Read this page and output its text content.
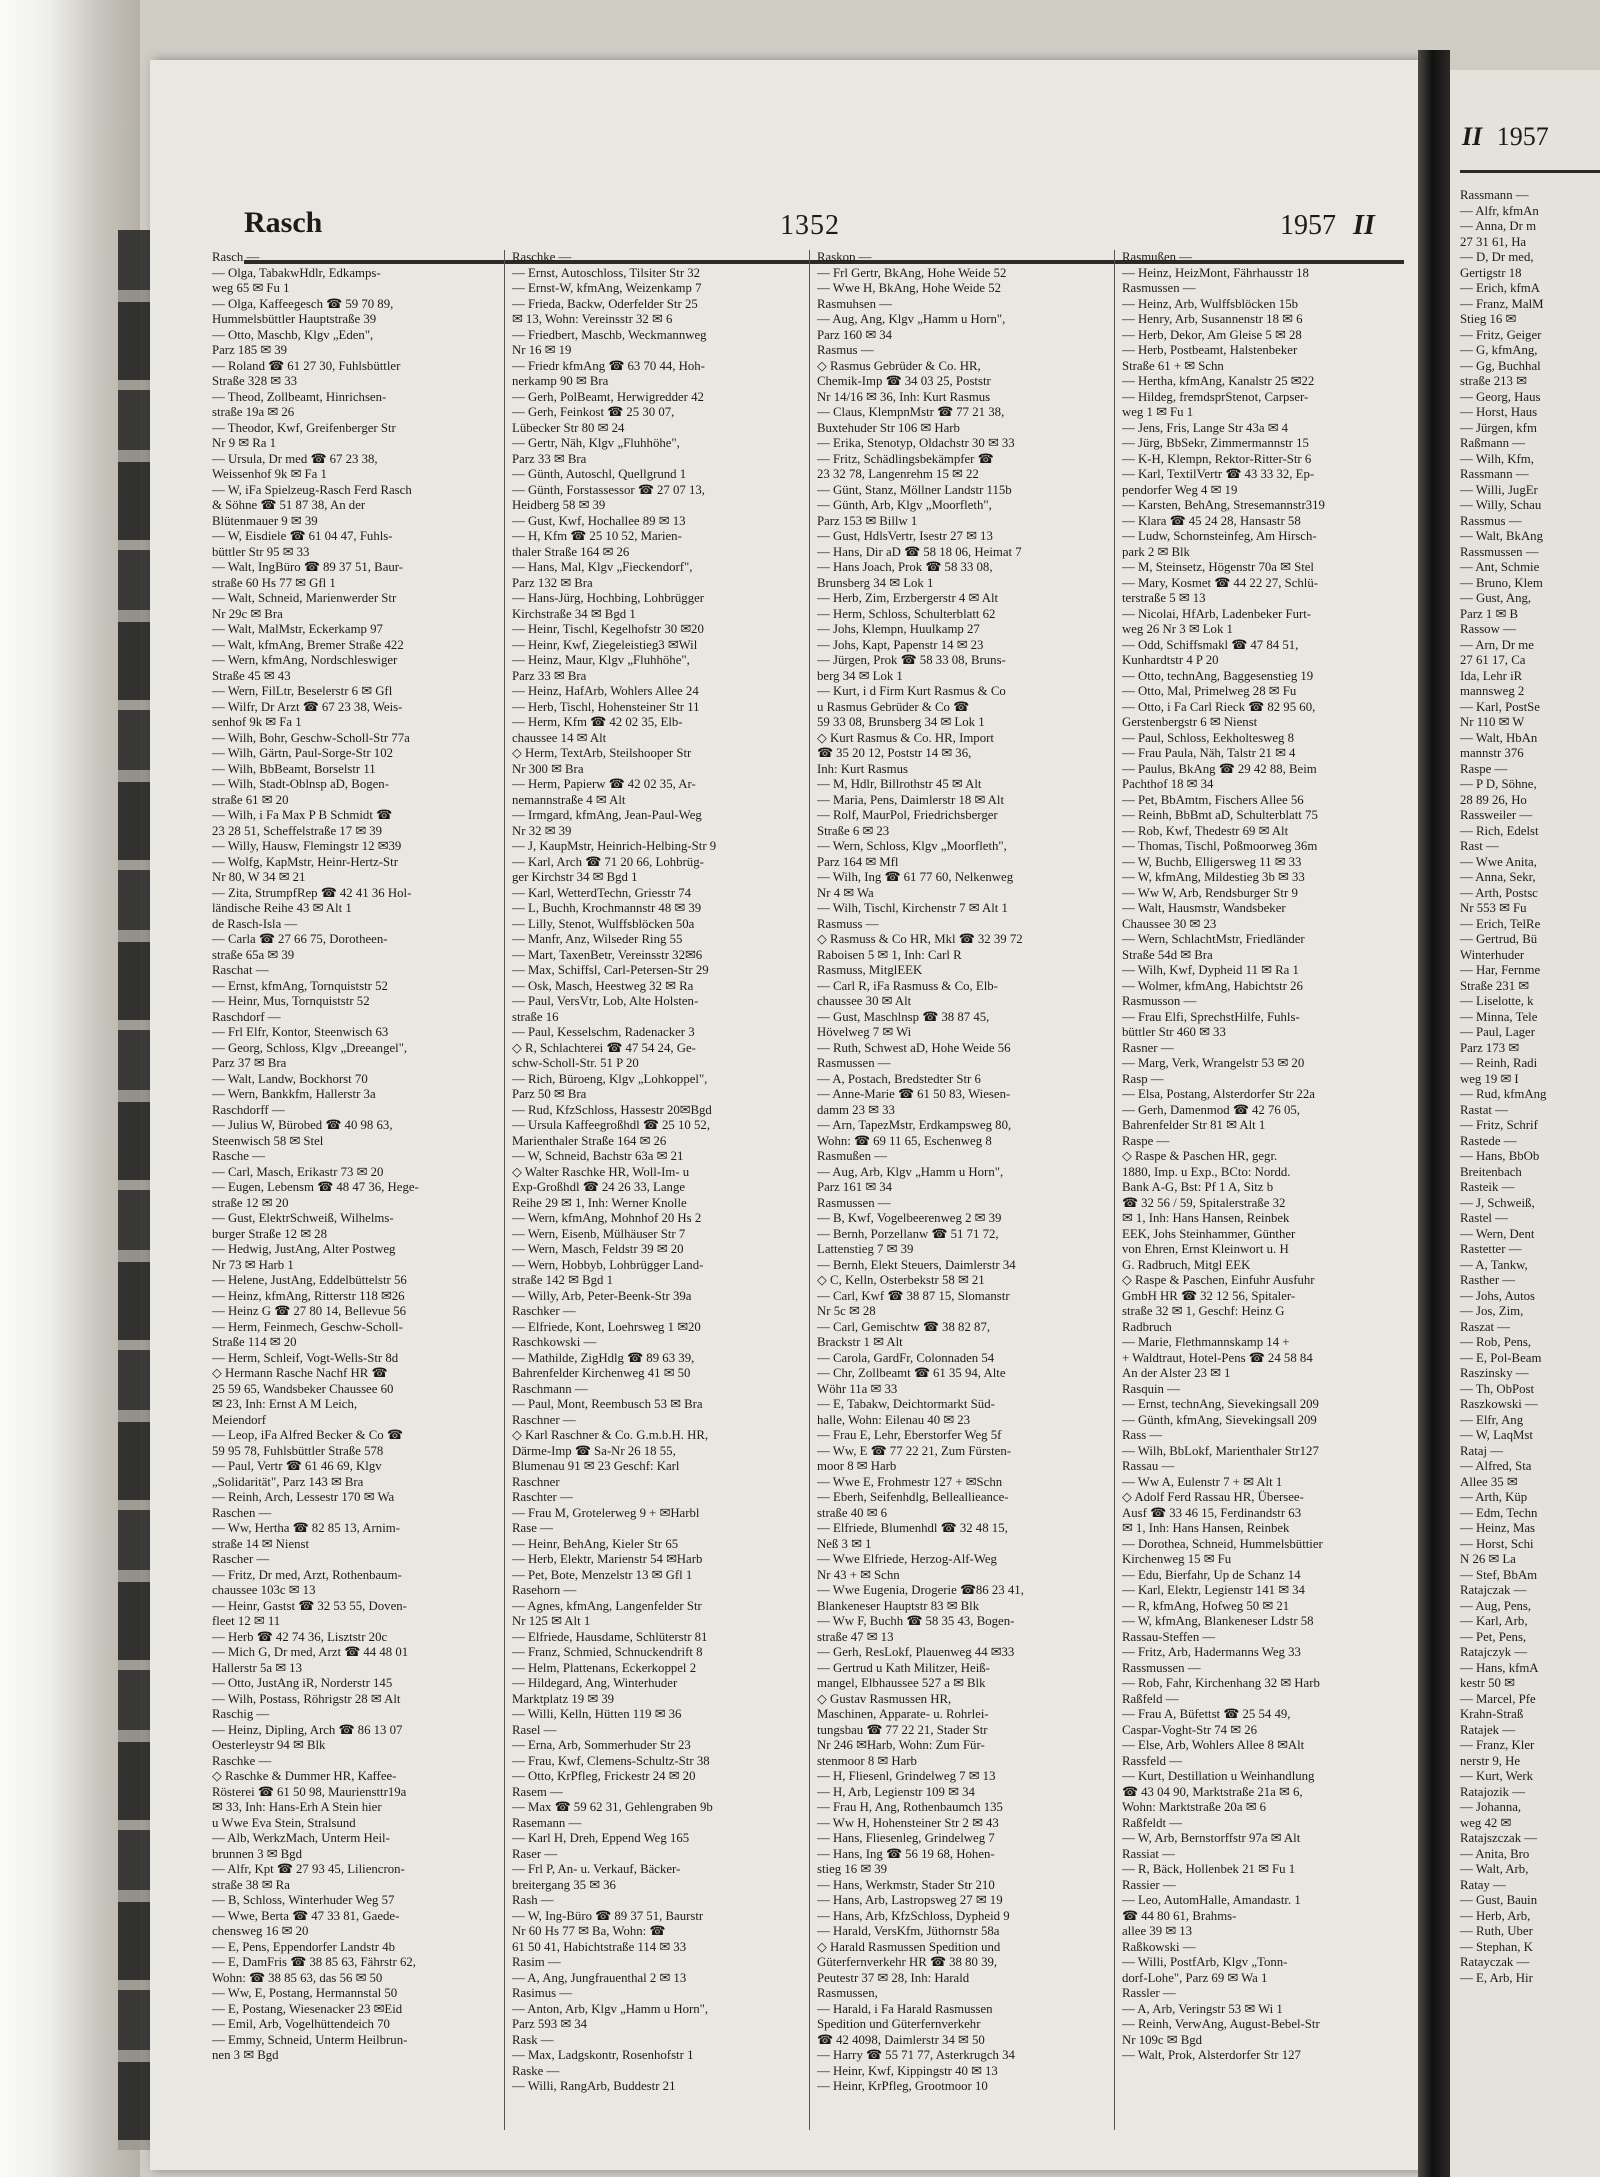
Rasch	1352	1957 II
Rasch —
— Olga, TabakwHdlr, Edkamps-
weg 65 ✉ Fu 1
— Olga, Kaffeegesch ☎ 59 70 89,
Hummelsbüttler Hauptstraße 39
— Otto, Maschb, Klgv „Eden",
Parz 185 ✉ 39
— Roland ☎ 61 27 30, Fuhlsbüttler
Straße 328 ✉ 33
— Theod, Zollbeamt, Hinrichsen-
straße 19a ✉ 26
— Theodor, Kwf, Greifenberger Str
Nr 9 ✉ Ra 1
— Ursula, Dr med ☎ 67 23 38,
Weissenhof 9k ✉ Fa 1
— W, iFa Spielzeug-Rasch Ferd Rasch
& Söhne ☎ 51 87 38, An der
Blütenmauer 9 ✉ 39
— W, Eisdiele ☎ 61 04 47, Fuhls-
büttler Str 95 ✉ 33
— Walt, IngBüro ☎ 89 37 51, Baur-
straße 60 Hs 77 ✉ Gfl 1
— Walt, Schneid, Marienwerder Str
Nr 29c ✉ Bra
— Walt, MalMstr, Eckerkamp 97
— Walt, kfmAng, Bremer Straße 422
— Wern, kfmAng, Nordschleswiger
Straße 45 ✉ 43
— Wern, FilLtr, Beselerstr 6 ✉ Gfl
— Wilfr, Dr Arzt ☎ 67 23 38, Weis-
senhof 9k ✉ Fa 1
— Wilh, Bohr, Geschw-Scholl-Str 77a
— Wilh, Gärtn, Paul-Sorge-Str 102
— Wilh, BbBeamt, Borselstr 11
— Wilh, Stadt-Oblnsp aD, Bogen-
straße 61 ✉ 20
— Wilh, i Fa Max P B Schmidt ☎
23 28 51, Scheffelstraße 17 ✉ 39
— Willy, Hausw, Flemingstr 12 ✉39
— Wolfg, KapMstr, Heinr-Hertz-Str
Nr 80, W 34 ✉ 21
— Zita, StrumpfRep ☎ 42 41 36 Hol-
ländische Reihe 43 ✉ Alt 1
de Rasch-Isla —
— Carla ☎ 27 66 75, Dorotheen-
straße 65a ✉ 39
Raschat —
— Ernst, kfmAng, Tornquiststr 52
— Heinr, Mus, Tornquiststr 52
Raschdorf —
— Frl Elfr, Kontor, Steenwisch 63
— Georg, Schloss, Klgv „Dreeangel",
Parz 37 ✉ Bra
— Walt, Landw, Bockhorst 70
— Wern, Bankkfm, Hallerstr 3a
Raschdorff —
— Julius W, Bürobed ☎ 40 98 63,
Steenwisch 58 ✉ Stel
Rasche —
— Carl, Masch, Erikastr 73 ✉ 20
— Eugen, Lebensm ☎ 48 47 36, Hege-
straße 12 ✉ 20
— Gust, ElektrSchweiß, Wilhelms-
burger Straße 12 ✉ 28
— Hedwig, JustAng, Alter Postweg
Nr 73 ✉ Harb 1
— Helene, JustAng, Eddelbüttelstr 56
— Heinz, kfmAng, Ritterstr 118 ✉26
— Heinz G ☎ 27 80 14, Bellevue 56
— Herm, Feinmech, Geschw-Scholl-
Straße 114 ✉ 20
— Herm, Schleif, Vogt-Wells-Str 8d
◇ Hermann Rasche Nachf HR ☎
25 59 65, Wandsbeker Chaussee 60
✉ 23, Inh: Ernst A M Leich,
Meiendorf
— Leop, iFa Alfred Becker & Co ☎
59 95 78, Fuhlsbüttler Straße 578
— Paul, Vertr ☎ 61 46 69, Klgv
„Solidarität", Parz 143 ✉ Bra
— Reinh, Arch, Lessestr 170 ✉ Wa
Raschen —
— Ww, Hertha ☎ 82 85 13, Arnim-
straße 14 ✉ Nienst
Rascher —
— Fritz, Dr med, Arzt, Rothenbaum-
chaussee 103c ✉ 13
— Heinr, Gastst ☎ 32 53 55, Doven-
fleet 12 ✉ 11
— Herb ☎ 42 74 36, Lisztstr 20c
— Mich G, Dr med, Arzt ☎ 44 48 01
Hallerstr 5a ✉ 13
— Otto, JustAng iR, Norderstr 145
— Wilh, Postass, Röhrigstr 28 ✉ Alt
Raschig —
— Heinz, Dipling, Arch ☎ 86 13 07
Oesterleystr 94 ✉ Blk
Raschke —
◇ Raschke & Dummer HR, Kaffee-
Rösterei ☎ 61 50 98, Mauriensttr19a
✉ 33, Inh: Hans-Erh A Stein hier
u Wwe Eva Stein, Stralsund
— Alb, WerkzMach, Unterm Heil-
brunnen 3 ✉ Bgd
— Alfr, Kpt ☎ 27 93 45, Liliencron-
straße 38 ✉ Ra
— B, Schloss, Winterhuder Weg 57
— Wwe, Berta ☎ 47 33 81, Gaede-
chensweg 16 ✉ 20
— E, Pens, Eppendorfer Landstr 4b
— E, DamFris ☎ 38 85 63, Fährstr 62,
Wohn: ☎ 38 85 63, das 56 ✉ 50
— Ww, E, Postang, Hermannstal 50
— E, Postang, Wiesenacker 23 ✉Eid
— Emil, Arb, Vogelhüttendeich 70
— Emmy, Schneid, Unterm Heilbrun-
nen 3 ✉ Bgd
Raschke —
— Ernst, Autoschloss, Tilsiter Str 32
— Ernst-W, kfmAng, Weizenkamp 7
— Frieda, Backw, Oderfelder Str 25
✉ 13, Wohn: Vereinsstr 32 ✉ 6
— Friedbert, Maschb, Weckmannweg
Nr 16 ✉ 19
— Friedr kfmAng ☎ 63 70 44, Hoh-
nerkamp 90 ✉ Bra
— Gerh, PolBeamt, Herwigredder 42
— Gerh, Feinkost ☎ 25 30 07,
Lübecker Str 80 ✉ 24
— Gertr, Näh, Klgv „Fluhhöhe",
Parz 33 ✉ Bra
— Günth, Autoschl, Quellgrund 1
— Günth, Forstassessor ☎ 27 07 13,
Heidberg 58 ✉ 39
— Gust, Kwf, Hochallee 89 ✉ 13
— H, Kfm ☎ 25 10 52, Marien-
thaler Straße 164 ✉ 26
— Hans, Mal, Klgv „Fieckendorf",
Parz 132 ✉ Bra
— Hans-Jürg, Hochbing, Lohbrügger
Kirchstraße 34 ✉ Bgd 1
— Heinr, Tischl, Kegelhofstr 30 ✉20
— Heinr, Kwf, Ziegeleistieg3 ✉Wil
— Heinz, Maur, Klgv „Fluhhöhe",
Parz 33 ✉ Bra
— Heinz, HafArb, Wohlers Allee 24
— Herb, Tischl, Hohensteiner Str 11
— Herm, Kfm ☎ 42 02 35, Elb-
chaussee 14 ✉ Alt
◇ Herm, TextArb, Steilshooper Str
Nr 300 ✉ Bra
— Herm, Papierw ☎ 42 02 35, Ar-
nemannstraße 4 ✉ Alt
— Irmgard, kfmAng, Jean-Paul-Weg
Nr 32 ✉ 39
— J, KaupMstr, Heinrich-Helbing-Str 9
— Karl, Arch ☎ 71 20 66, Lohbrüg-
ger Kirchstr 34 ✉ Bgd 1
— Karl, WetterdTechn, Griesstr 74
— L, Buchh, Krochmannstr 48 ✉ 39
— Lilly, Stenot, Wulffsblöcken 50a
— Manfr, Anz, Wilseder Ring 55
— Mart, TaxenBetr, Vereinsstr 32✉6
— Max, Schiffsl, Carl-Petersen-Str 29
— Osk, Masch, Heestweg 32 ✉ Ra
— Paul, VersVtr, Lob, Alte Holsten-
straße 16
— Paul, Kesselschm, Radenacker 3
◇ R, Schlachterei ☎ 47 54 24, Ge-
schw-Scholl-Str. 51 P 20
— Rich, Büroeng, Klgv „Lohkoppel",
Parz 50 ✉ Bra
— Rud, KfzSchloss, Hassestr 20✉Bgd
— Ursula Kaffeegroßhdl ☎ 25 10 52,
Marienthaler Straße 164 ✉ 26
— W, Schneid, Bachstr 63a ✉ 21
◇ Walter Raschke HR, Woll-Im- u
Exp-Großhdl ☎ 24 26 33, Lange
Reihe 29 ✉ 1, Inh: Werner Knolle
— Wern, kfmAng, Mohnhof 20 Hs 2
— Wern, Eisenb, Mülhäuser Str 7
— Wern, Masch, Feldstr 39 ✉ 20
— Wern, Hobbyb, Lohbrügger Land-
straße 142 ✉ Bgd 1
— Willy, Arb, Peter-Beenk-Str 39a
Raschker —
— Elfriede, Kont, Loehrsweg 1 ✉20
Raschkowski —
— Mathilde, ZigHdlg ☎ 89 63 39,
Bahrenfelder Kirchenweg 41 ✉ 50
Raschmann —
— Paul, Mont, Reembusch 53 ✉ Bra
Raschner —
◇ Karl Raschner & Co. G.m.b.H. HR,
Därme-Imp ☎ Sa-Nr 26 18 55,
Blumenau 91 ✉ 23 Geschf: Karl
Raschner
Raschter —
— Frau M, Grotelerweg 9 + ✉Harbl
Rase —
— Heinr, BehAng, Kieler Str 65
— Herb, Elektr, Marienstr 54 ✉Harb
— Pet, Bote, Menzelstr 13 ✉ Gfl 1
Rasehorn —
— Agnes, kfmAng, Langenfelder Str
Nr 125 ✉ Alt 1
— Elfriede, Hausdame, Schlüterstr 81
— Franz, Schmied, Schnuckendrift 8
— Helm, Plattenans, Eckerkoppel 2
— Hildegard, Ang, Winterhuder
Marktplatz 19 ✉ 39
— Willi, Kelln, Hütten 119 ✉ 36
Rasel —
— Erna, Arb, Sommerhuder Str 23
— Frau, Kwf, Clemens-Schultz-Str 38
— Otto, KrPfleg, Frickestr 24 ✉ 20
Rasem —
— Max ☎ 59 62 31, Gehlengraben 9b
Rasemann —
— Karl H, Dreh, Eppend Weg 165
Raser —
— Frl P, An- u. Verkauf, Bäcker-
breitergang 35 ✉ 36
Rash —
— W, Ing-Büro ☎ 89 37 51, Baurstr
Nr 60 Hs 77 ✉ Ba, Wohn: ☎
61 50 41, Habichtstraße 114 ✉ 33
Rasim —
— A, Ang, Jungfrauenthal 2 ✉ 13
Rasimus —
— Anton, Arb, Klgv „Hamm u Horn",
Parz 593 ✉ 34
Rask —
— Max, Ladgskontr, Rosenhofstr 1
Raske —
— Willi, RangArb, Buddestr 21
Raskop —
— Frl Gertr, BkAng, Hohe Weide 52
— Wwe H, BkAng, Hohe Weide 52
Rasmuhsen —
— Aug, Ang, Klgv „Hamm u Horn",
Parz 160 ✉ 34
Rasmus —
◇ Rasmus Gebrüder & Co. HR,
Chemik-Imp ☎ 34 03 25, Poststr
Nr 14/16 ✉ 36, Inh: Kurt Rasmus
— Claus, KlempnMstr ☎ 77 21 38,
Buxtehuder Str 106 ✉ Harb
— Erika, Stenotyp, Oldachstr 30 ✉ 33
— Fritz, Schädlingsbekämpfer ☎
23 32 78, Langenrehm 15 ✉ 22
— Günt, Stanz, Möllner Landstr 115b
— Günth, Arb, Klgv „Moorfleth",
Parz 153 ✉ Billw 1
— Gust, HdlsVertr, Isestr 27 ✉ 13
— Hans, Dir aD ☎ 58 18 06, Heimat 7
— Hans Joach, Prok ☎ 58 33 08,
Brunsberg 34 ✉ Lok 1
— Herb, Zim, Erzbergerstr 4 ✉ Alt
— Herm, Schloss, Schulterblatt 62
— Johs, Klempn, Huulkamp 27
— Johs, Kapt, Papenstr 14 ✉ 23
— Jürgen, Prok ☎ 58 33 08, Bruns-
berg 34 ✉ Lok 1
— Kurt, i d Firm Kurt Rasmus & Co
u Rasmus Gebrüder & Co ☎
59 33 08, Brunsberg 34 ✉ Lok 1
◇ Kurt Rasmus & Co. HR, Import
☎ 35 20 12, Poststr 14 ✉ 36,
Inh: Kurt Rasmus
— M, Hdlr, Billrothstr 45 ✉ Alt
— Maria, Pens, Daimlerstr 18 ✉ Alt
— Rolf, MaurPol, Friedrichsberger
Straße 6 ✉ 23
— Wern, Schloss, Klgv „Moorfleth",
Parz 164 ✉ Mfl
— Wilh, Ing ☎ 61 77 60, Nelkenweg
Nr 4 ✉ Wa
— Wilh, Tischl, Kirchenstr 7 ✉ Alt 1
Rasmuss —
◇ Rasmuss & Co HR, Mkl ☎ 32 39 72
Raboisen 5 ✉ 1, Inh: Carl R
Rasmuss, MitglEEK
— Carl R, iFa Rasmuss & Co, Elb-
chaussee 30 ✉ Alt
— Gust, Maschlnsp ☎ 38 87 45,
Hövelweg 7 ✉ Wi
— Ruth, Schwest aD, Hohe Weide 56
Rasmussen —
— A, Postach, Bredstedter Str 6
— Anne-Marie ☎ 61 50 83, Wiesen-
damm 23 ✉ 33
— Arn, TapezMstr, Erdkampsweg 80,
Wohn: ☎ 69 11 65, Eschenweg 8
Rasmußen —
— Aug, Arb, Klgv „Hamm u Horn",
Parz 161 ✉ 34
Rasmussen —
— B, Kwf, Vogelbeerenweg 2 ✉ 39
— Bernh, Porzellanw ☎ 51 71 72,
Lattenstieg 7 ✉ 39
— Bernh, Elekt Steuers, Daimlerstr 34
◇ C, Kelln, Osterbekstr 58 ✉ 21
— Carl, Kwf ☎ 38 87 15, Slomanstr
Nr 5c ✉ 28
— Carl, Gemischtw ☎ 38 82 87,
Brackstr 1 ✉ Alt
— Carola, GardFr, Colonnaden 54
— Chr, Zollbeamt ☎ 61 35 94, Alte
Wöhr 11a ✉ 33
— E, Tabakw, Deichtormarkt Süd-
halle, Wohn: Eilenau 40 ✉ 23
— Frau E, Lehr, Eberstorfer Weg 5f
— Ww, E ☎ 77 22 21, Zum Fürsten-
moor 8 ✉ Harb
— Wwe E, Frohmestr 127 + ✉Schn
— Eberh, Seifenhdlg, Belleallieance-
straße 40 ✉ 6
— Elfriede, Blumenhdl ☎ 32 48 15,
Neß 3 ✉ 1
— Wwe Elfriede, Herzog-Alf-Weg
Nr 43 + ✉ Schn
— Wwe Eugenia, Drogerie ☎86 23 41,
Blankeneser Hauptstr 83 ✉ Blk
— Ww F, Buchh ☎ 58 35 43, Bogen-
straße 47 ✉ 13
— Gerh, ResLokf, Plauenweg 44 ✉33
— Gertrud u Kath Militzer, Heiß-
mangel, Elbhaussee 527 a ✉ Blk
◇ Gustav Rasmussen HR,
Maschinen, Apparate- u. Rohrlei-
tungsbau ☎ 77 22 21, Stader Str
Nr 246 ✉Harb, Wohn: Zum Für-
stenmoor 8 ✉ Harb
— H, Fliesenl, Grindelweg 7 ✉ 13
— H, Arb, Legienstr 109 ✉ 34
— Frau H, Ang, Rothenbaumch 135
— Ww H, Hohensteiner Str 2 ✉ 43
— Hans, Fliesenleg, Grindelweg 7
— Hans, Ing ☎ 56 19 68, Hohen-
stieg 16 ✉ 39
— Hans, Werkmstr, Stader Str 210
— Hans, Arb, Lastropsweg 27 ✉ 19
— Hans, Arb, KfzSchloss, Dypheid 9
— Harald, VersKfm, Jüthornstr 58a
◇ Harald Rasmussen Spedition und
Güterfernverkehr HR ☎ 38 80 39,
Peutestr 37 ✉ 28, Inh: Harald
Rasmussen,
— Harald, i Fa Harald Rasmussen
Spedition und Güterfernverkehr
☎ 42 4098, Daimlerstr 34 ✉ 50
— Harry ☎ 55 71 77, Asterkrugch 34
— Heinr, Kwf, Kippingstr 40 ✉ 13
— Heinr, KrPfleg, Grootmoor 10
Rasmußen —
— Heinz, HeizMont, Fährhausstr 18
Rasmussen —
— Heinz, Arb, Wulffsblöcken 15b
— Henry, Arb, Susannenstr 18 ✉ 6
— Herb, Dekor, Am Gleise 5 ✉ 28
— Herb, Postbeamt, Halstenbeker
Straße 61 + ✉ Schn
— Hertha, kfmAng, Kanalstr 25 ✉22
— Hildeg, fremdsprStenot, Carpser-
weg 1 ✉ Fu 1
— Jens, Fris, Lange Str 43a ✉ 4
— Jürg, BbSekr, Zimmermannstr 15
— K-H, Klempn, Rektor-Ritter-Str 6
— Karl, TextilVertr ☎ 43 33 32, Ep-
pendorfer Weg 4 ✉ 19
— Karsten, BehAng, Stresemannstr319
— Klara ☎ 45 24 28, Hansastr 58
— Ludw, Schornsteinfeg, Am Hirsch-
park 2 ✉ Blk
— M, Steinsetz, Högenstr 70a ✉ Stel
— Mary, Kosmet ☎ 44 22 27, Schlü-
terstraße 5 ✉ 13
— Nicolai, HfArb, Ladenbeker Furt-
weg 26 Nr 3 ✉ Lok 1
— Odd, Schiffsmakl ☎ 47 84 51,
Kunhardtstr 4 P 20
— Otto, technAng, Baggesenstieg 19
— Otto, Mal, Primelweg 28 ✉ Fu
— Otto, i Fa Carl Rieck ☎ 82 95 60,
Gerstenbergstr 6 ✉ Nienst
— Paul, Schloss, Eekholtesweg 8
— Frau Paula, Näh, Talstr 21 ✉ 4
— Paulus, BkAng ☎ 29 42 88, Beim
Pachthof 18 ✉ 34
— Pet, BbAmtm, Fischers Allee 56
— Reinh, BbBmt aD, Schulterblatt 75
— Rob, Kwf, Thedestr 69 ✉ Alt
— Thomas, Tischl, Poßmoorweg 36m
— W, Buchb, Elligersweg 11 ✉ 33
— W, kfmAng, Mildestieg 3b ✉ 33
— Ww W, Arb, Rendsburger Str 9
— Walt, Hausmstr, Wandsbeker
Chaussee 30 ✉ 23
— Wern, SchlachtMstr, Friedländer
Straße 54d ✉ Bra
— Wilh, Kwf, Dypheid 11 ✉ Ra 1
— Wolmer, kfmAng, Habichtstr 26
Rasmusson —
— Frau Elfi, SprechstHilfe, Fuhls-
büttler Str 460 ✉ 33
Rasner —
— Marg, Verk, Wrangelstr 53 ✉ 20
Rasp —
— Elsa, Postang, Alsterdorfer Str 22a
— Gerh, Damenmod ☎ 42 76 05,
Bahrenfelder Str 81 ✉ Alt 1
Raspe —
◇ Raspe & Paschen HR, gegr.
1880, Imp. u Exp., BCto: Nordd.
Bank A-G, Bst: Pf 1 A, Sitz b
☎ 32 56 / 59, Spitalerstraße 32
✉ 1, Inh: Hans Hansen, Reinbek
EEK, Johs Steinhammer, Günther
von Ehren, Ernst Kleinwort u. H
G. Radbruch, Mitgl EEK
◇ Raspe & Paschen, Einfuhr Ausfuhr
GmbH HR ☎ 32 12 56, Spitaler-
straße 32 ✉ 1, Geschf: Heinz G
Radbruch
— Marie, Flethmannskamp 14 +
+ Waldtraut, Hotel-Pens ☎ 24 58 84
An der Alster 23 ✉ 1
Rasquin —
— Ernst, technAng, Sievekingsall 209
— Günth, kfmAng, Sievekingsall 209
Rass —
— Wilh, BbLokf, Marienthaler Str127
Rassau —
— Ww A, Eulenstr 7 + ✉ Alt 1
◇ Adolf Ferd Rassau HR, Übersee-
Ausf ☎ 33 46 15, Ferdinandstr 63
✉ 1, Inh: Hans Hansen, Reinbek
— Dorothea, Schneid, Hummelsbüttier
Kirchenweg 15 ✉ Fu
— Edu, Bierfahr, Up de Schanz 14
— Karl, Elektr, Legienstr 141 ✉ 34
— R, kfmAng, Hofweg 50 ✉ 21
— W, kfmAng, Blankeneser Ldstr 58
Rassau-Steffen —
— Fritz, Arb, Hadermanns Weg 33
Rassmussen —
— Rob, Fahr, Kirchenhang 32 ✉ Harb
Raßfeld —
— Frau A, Büfettst ☎ 25 54 49,
Caspar-Voght-Str 74 ✉ 26
— Else, Arb, Wohlers Allee 8 ✉Alt
Rassfeld —
— Kurt, Destillation u Weinhandlung
☎ 43 04 90, Marktstraße 21a ✉ 6,
Wohn: Marktstraße 20a ✉ 6
Raßfeldt —
— W, Arb, Bernstorffstr 97a ✉ Alt
Rassiat —
— R, Bäck, Hollenbek 21 ✉ Fu 1
Rassier —
— Leo, AutomHalle, Amandastr. 1
☎ 44 80 61, Brahms-
allee 39 ✉ 13
Raßkowski —
— Willi, PostfArb, Klgv „Tonn-
dorf-Lohe", Parz 69 ✉ Wa 1
Rassler —
— A, Arb, Veringstr 53 ✉ Wi 1
— Reinh, VerwAng, August-Bebel-Str
Nr 109c ✉ Bgd
— Walt, Prok, Alsterdorfer Str 127
II 1957
Rassmann —
— Alfr, kfmAn
— Anna, Dr m
27 31 61, Ha
— D, Dr med,
Gertigstr 18
— Erich, kfmA
— Franz, MalM
Stieg 16 ✉
— Fritz, Geiger
— G, kfmAng,
— Gg, Buchhal
straße 213 ✉
— Georg, Haus
— Horst, Haus
— Jürgen, kfm
Raßmann —
— Wilh, Kfm,
Rassmann —
— Willi, JugEr
— Willy, Schau
Rassmus —
— Walt, BkAng
Rassmussen —
— Ant, Schmie
— Bruno, Klem
— Gust, Ang,
Parz 1 ✉ B
Rassow —
— Arn, Dr me
27 61 17, Ca
Ida, Lehr iR
mannsweg 2
— Karl, PostSe
Nr 110 ✉ W
— Walt, HbAn
mannstr 376
Raspe —
— P D, Söhne,
28 89 26, Ho
Rassweiler —
— Rich, Edelst
Rast —
— Wwe Anita,
— Anna, Sekr,
— Arth, Postsc
Nr 553 ✉ Fu
— Erich, TelRe
— Gertrud, Bü
Winterhuder
— Har, Fernme
Straße 231 ✉
— Liselotte, k
— Minna, Tele
— Paul, Lager
Parz 173 ✉
— Reinh, Radi
weg 19 ✉ I
— Rud, kfmAng
Rastat —
— Fritz, Schrif
Rastede —
— Hans, BbOb
Breitenbach
Rasteik —
— J, Schweiß,
Rastel —
— Wern, Dent
Rastetter —
— A, Tankw,
Rasther —
— Johs, Autos
— Jos, Zim,
Raszat —
— Rob, Pens,
— E, Pol-Beam
Raszinsky —
— Th, ObPost
Raszkowski —
— Elfr, Ang
— W, LaqMst
Rataj —
— Alfred, Sta
Allee 35 ✉
— Arth, Küp
— Edm, Techn
— Heinz, Mas
— Horst, Schi
N 26 ✉ La
— Stef, BbAm
Ratajczak —
— Aug, Pens,
— Karl, Arb,
— Pet, Pens,
Ratajczyk —
— Hans, kfmA
kestr 50 ✉
— Marcel, Pfe
Krahn-Straß
Ratajek —
— Franz, Kler
nerstr 9, He
— Kurt, Werk
Ratajozik —
— Johanna,
weg 42 ✉
Ratajszczak —
— Anita, Bro
— Walt, Arb,
Ratay —
— Gust, Bauin
— Herb, Arb,
— Ruth, Uber
— Stephan, K
Ratayczak —
— E, Arb, Hir
